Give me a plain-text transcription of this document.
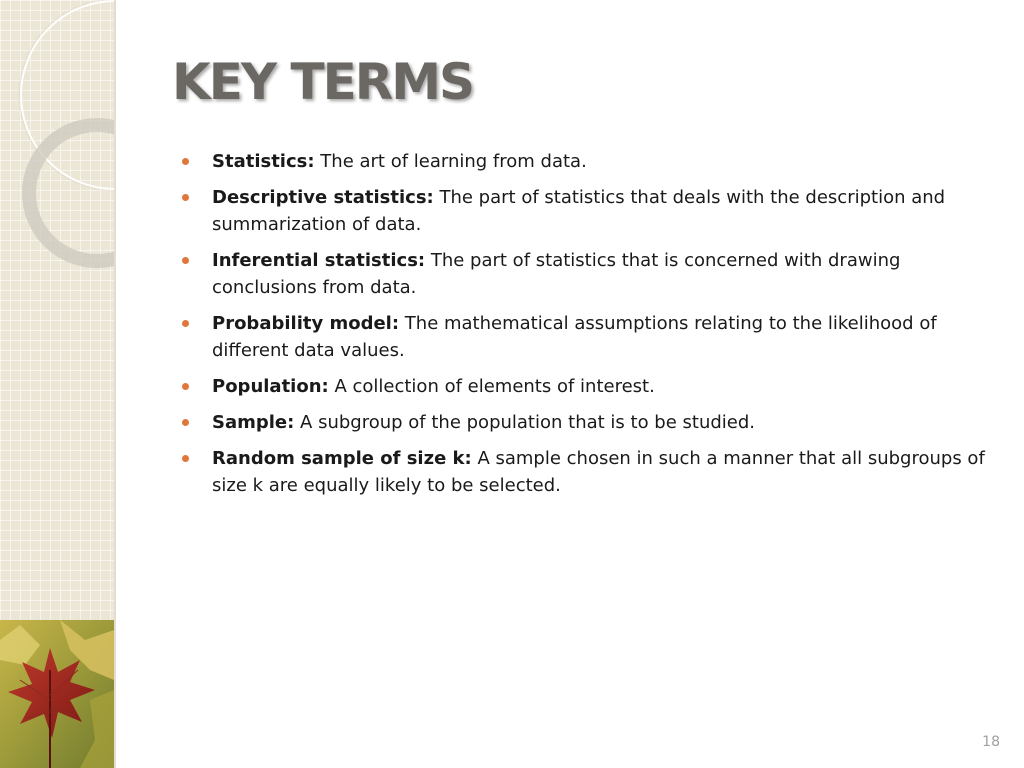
KEY TERMS
Statistics: The art of learning from data.
Descriptive statistics: The part of statistics that deals with the description and summarization of data.
Inferential statistics: The part of statistics that is concerned with drawing conclusions from data.
Probability model: The mathematical assumptions relating to the likelihood of different data values.
Population: A collection of elements of interest.
Sample: A subgroup of the population that is to be studied.
Random sample of size k: A sample chosen in such a manner that all subgroups of size k are equally likely to be selected.
18
